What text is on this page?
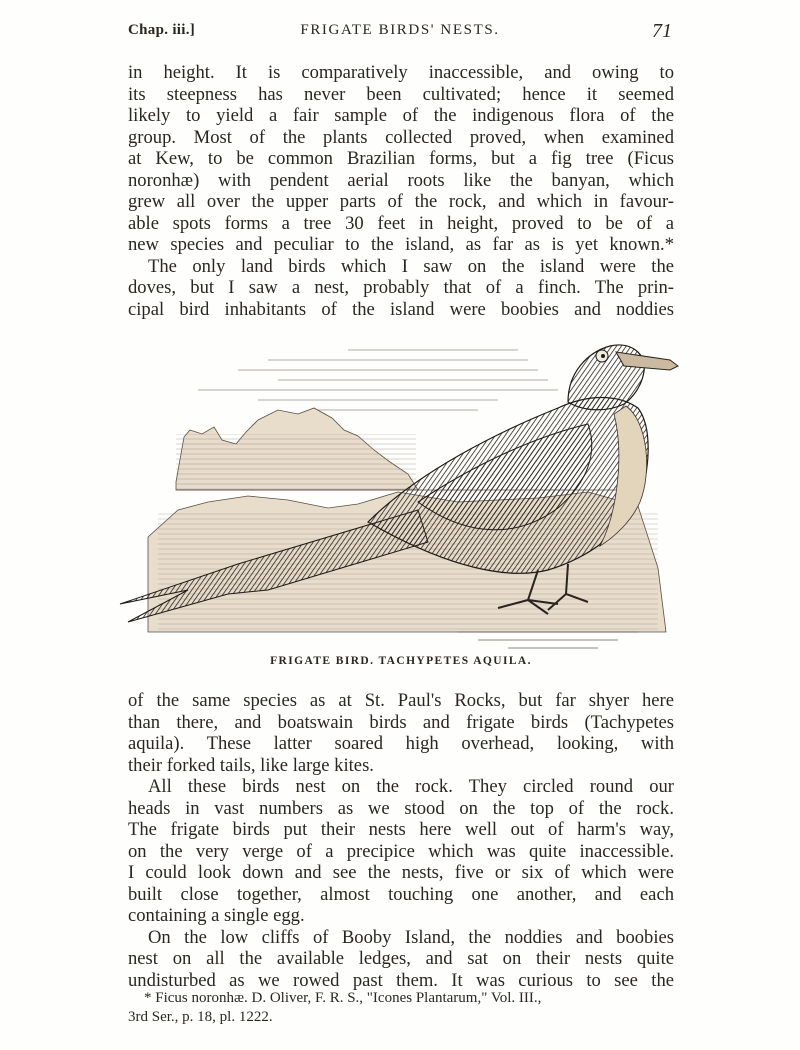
Chap. iii.]	FRIGATE BIRDS' NESTS.	71
in height. It is comparatively inaccessible, and owing to
its steepness has never been cultivated; hence it seemed
likely to yield a fair sample of the indigenous flora of the
group. Most of the plants collected proved, when examined
at Kew, to be common Brazilian forms, but a fig tree (Ficus
noronhæ) with pendent aerial roots like the banyan, which
grew all over the upper parts of the rock, and which in favour-
able spots forms a tree 30 feet in height, proved to be of a
new species and peculiar to the island, as far as is yet known.*
The only land birds which I saw on the island were the
doves, but I saw a nest, probably that of a finch. The prin-
cipal bird inhabitants of the island were boobies and noddies
FRIGATE BIRD. TACHYPETES AQUILA.
of the same species as at St. Paul's Rocks, but far shyer here
than there, and boatswain birds and frigate birds (Tachypetes
aquila). These latter soared high overhead, looking, with
their forked tails, like large kites.
All these birds nest on the rock. They circled round our
heads in vast numbers as we stood on the top of the rock.
The frigate birds put their nests here well out of harm's way,
on the very verge of a precipice which was quite inaccessible.
I could look down and see the nests, five or six of which were
built close together, almost touching one another, and each
containing a single egg.
On the low cliffs of Booby Island, the noddies and boobies
nest on all the available ledges, and sat on their nests quite
undisturbed as we rowed past them. It was curious to see the
* Ficus noronhæ. D. Oliver, F. R. S., "Icones Plantarum," Vol. III.,
3rd Ser., p. 18, pl. 1222.
